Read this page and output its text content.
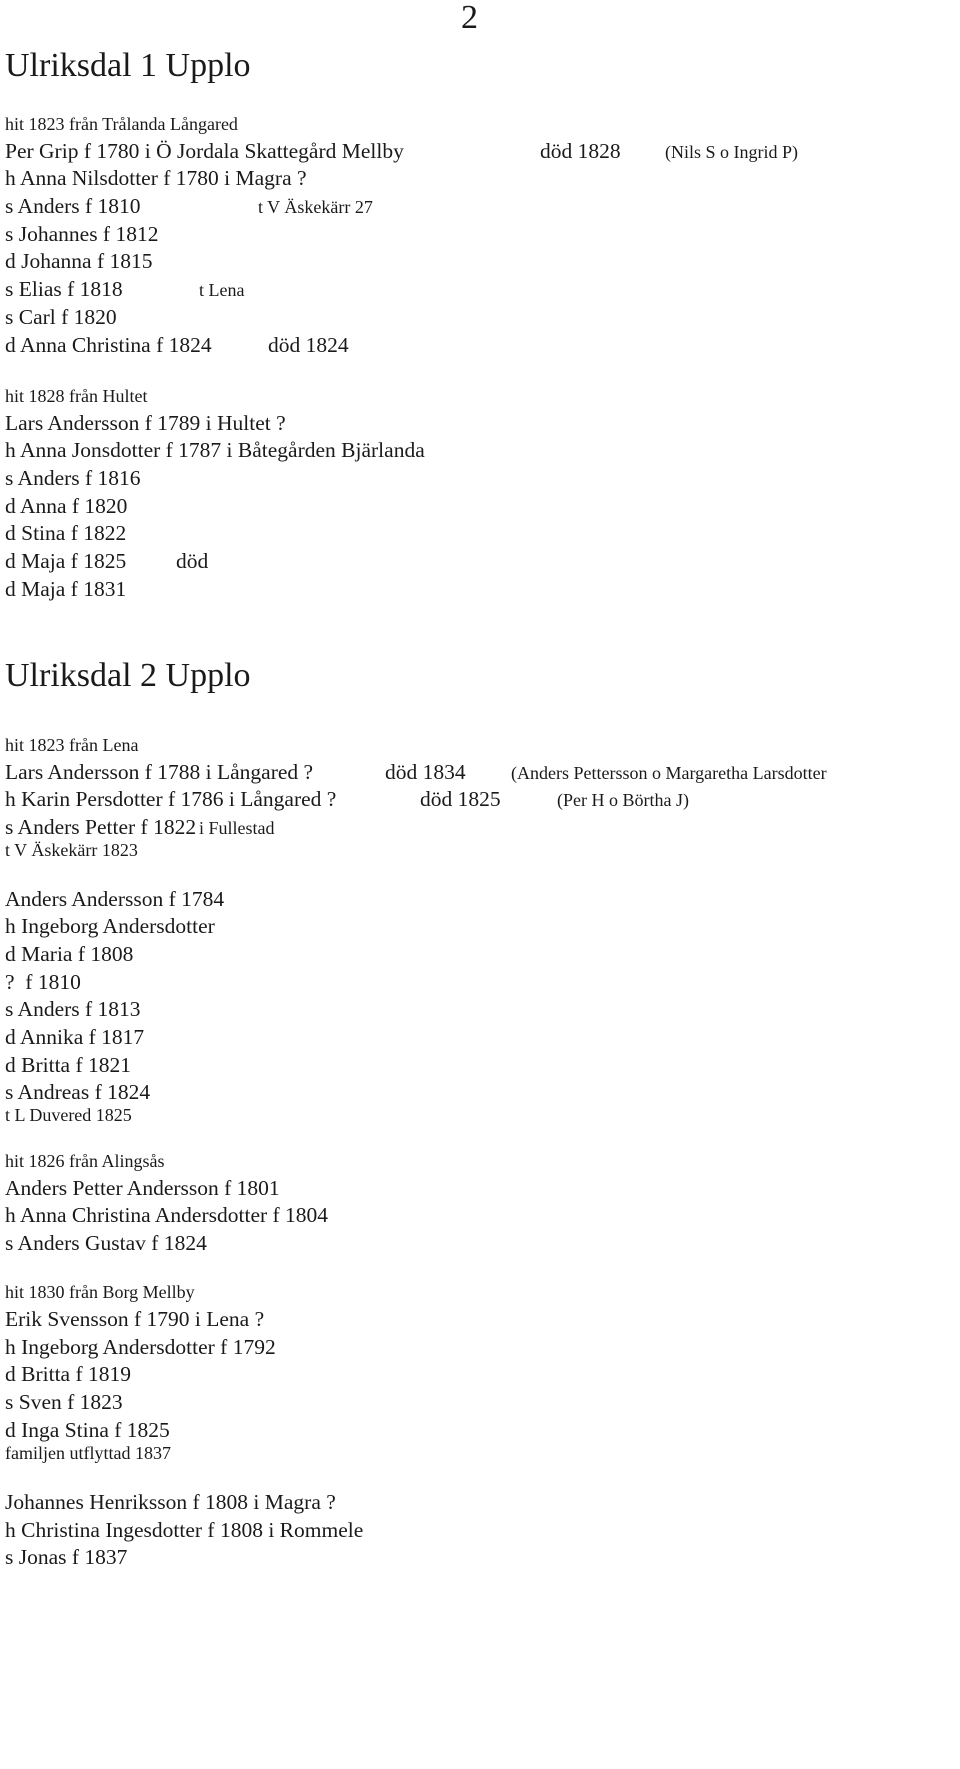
2
Ulriksdal 1 Upplo
hit 1823 från Trålanda Långared
Per Grip f 1780 i Ö Jordala Skattegård Mellby	död 1828 (Nils S o Ingrid P)
h Anna Nilsdotter f 1780 i Magra ?
s Anders f 1810	t V Äskekärr 27
s Johannes f 1812
d Johanna f 1815
s Elias f 1818	t Lena
s Carl f 1820
d Anna Christina f 1824	död 1824
hit 1828 från Hultet
Lars Andersson f 1789 i Hultet ?
h Anna Jonsdotter f 1787 i Båtegården Bjärlanda
s Anders f 1816
d Anna f 1820
d Stina f 1822
d Maja f 1825 död
d Maja f 1831
Ulriksdal 2 Upplo
hit 1823 från Lena
Lars Andersson f 1788 i Långared ?	död 1834	(Anders Pettersson o Margaretha Larsdotter
h Karin Persdotter f 1786 i Långared ?	död 1825	(Per H o Börtha J)
s Anders Petter f 1822 i Fullestad
t V Äskekärr 1823
Anders Andersson f 1784
h Ingeborg Andersdotter
d Maria f 1808
?  f 1810
s Anders f 1813
d Annika f 1817
d Britta f 1821
s Andreas f 1824
t L Duvered 1825
hit 1826 från Alingsås
Anders Petter Andersson f 1801
h Anna Christina Andersdotter f 1804
s Anders Gustav f 1824
hit 1830 från Borg Mellby
Erik Svensson f 1790 i Lena ?
h Ingeborg Andersdotter f 1792
d Britta f 1819
s Sven f 1823
d Inga Stina f 1825
familjen utflyttad 1837
Johannes Henriksson f 1808 i Magra ?
h Christina Ingesdotter f 1808 i Rommele
s Jonas f 1837
